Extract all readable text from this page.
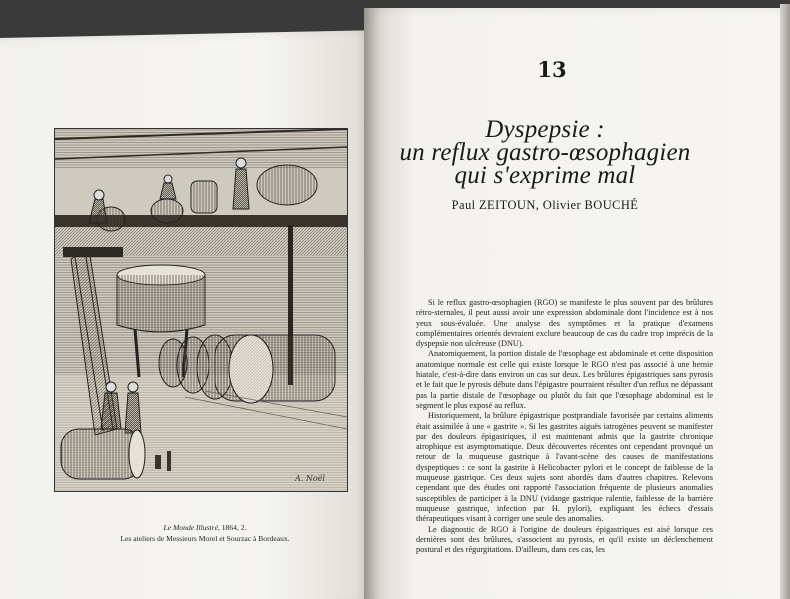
A. Noël
Le Monde Illustré, 1864, 2.
Les ateliers de Messieurs Morel et Sourzac à Bordeaux.
13
Dyspepsie :
un reflux gastro-œsophagien
qui s'exprime mal
Paul ZEITOUN, Olivier BOUCHÉ

Si le reflux gastro-œsophagien (RGO) se manifeste le plus souvent par des brûlures rétro-sternales, il peut aussi avoir une expression abdominale dont l'incidence est à nos yeux sous-évaluée. Une analyse des symptômes et la pratique d'examens complémentaires orientés devraient exclure beaucoup de cas du cadre trop imprécis de la dyspepsie non ulcéreuse (DNU).

Anatomiquement, la portion distale de l'œsophage est abdominale et cette disposition anatomique normale est celle qui existe lorsque le RGO n'est pas associé à une hernie hiatale, c'est-à-dire dans environ un cas sur deux. Les brûlures épigastriques sans pyrosis et le fait que le pyrosis débute dans l'épigastre pourraient résulter d'un reflux ne dépassant pas la partie distale de l'œsophage ou plutôt du fait que l'œsophage abdominal est le segment le plus exposé au reflux.

Historiquement, la brûlure épigastrique postprandiale favorisée par certains aliments était assimilée à une « gastrite ». Si les gastrites aiguës iatrogènes peuvent se manifester par des douleurs épigastriques, il est maintenant admis que la gastrite chronique atrophique est asymptomatique. Deux découvertes récentes ont cependant provoqué un retour de la muqueuse gastrique à l'avant-scène des causes de manifestations dyspeptiques : ce sont la gastrite à Helicobacter pylori et le concept de faiblesse de la muqueuse gastrique. Ces deux sujets sont abordés dans d'autres chapitres. Relevons cependant que des études ont rapporté l'association fréquente de plusieurs anomalies susceptibles de participer à la DNU (vidange gastrique ralentie, faiblesse de la barrière muqueuse gastrique, infection par H. pylori), expliquant les échecs d'essais thérapeutiques visant à corriger une seule des anomalies.

Le diagnostic de RGO à l'origine de douleurs épigastriques est aisé lorsque ces dernières sont des brûlures, s'associent au pyrosis, et qu'il existe un déclenchement postural et des régurgitations. D'ailleurs, dans ces cas, les
